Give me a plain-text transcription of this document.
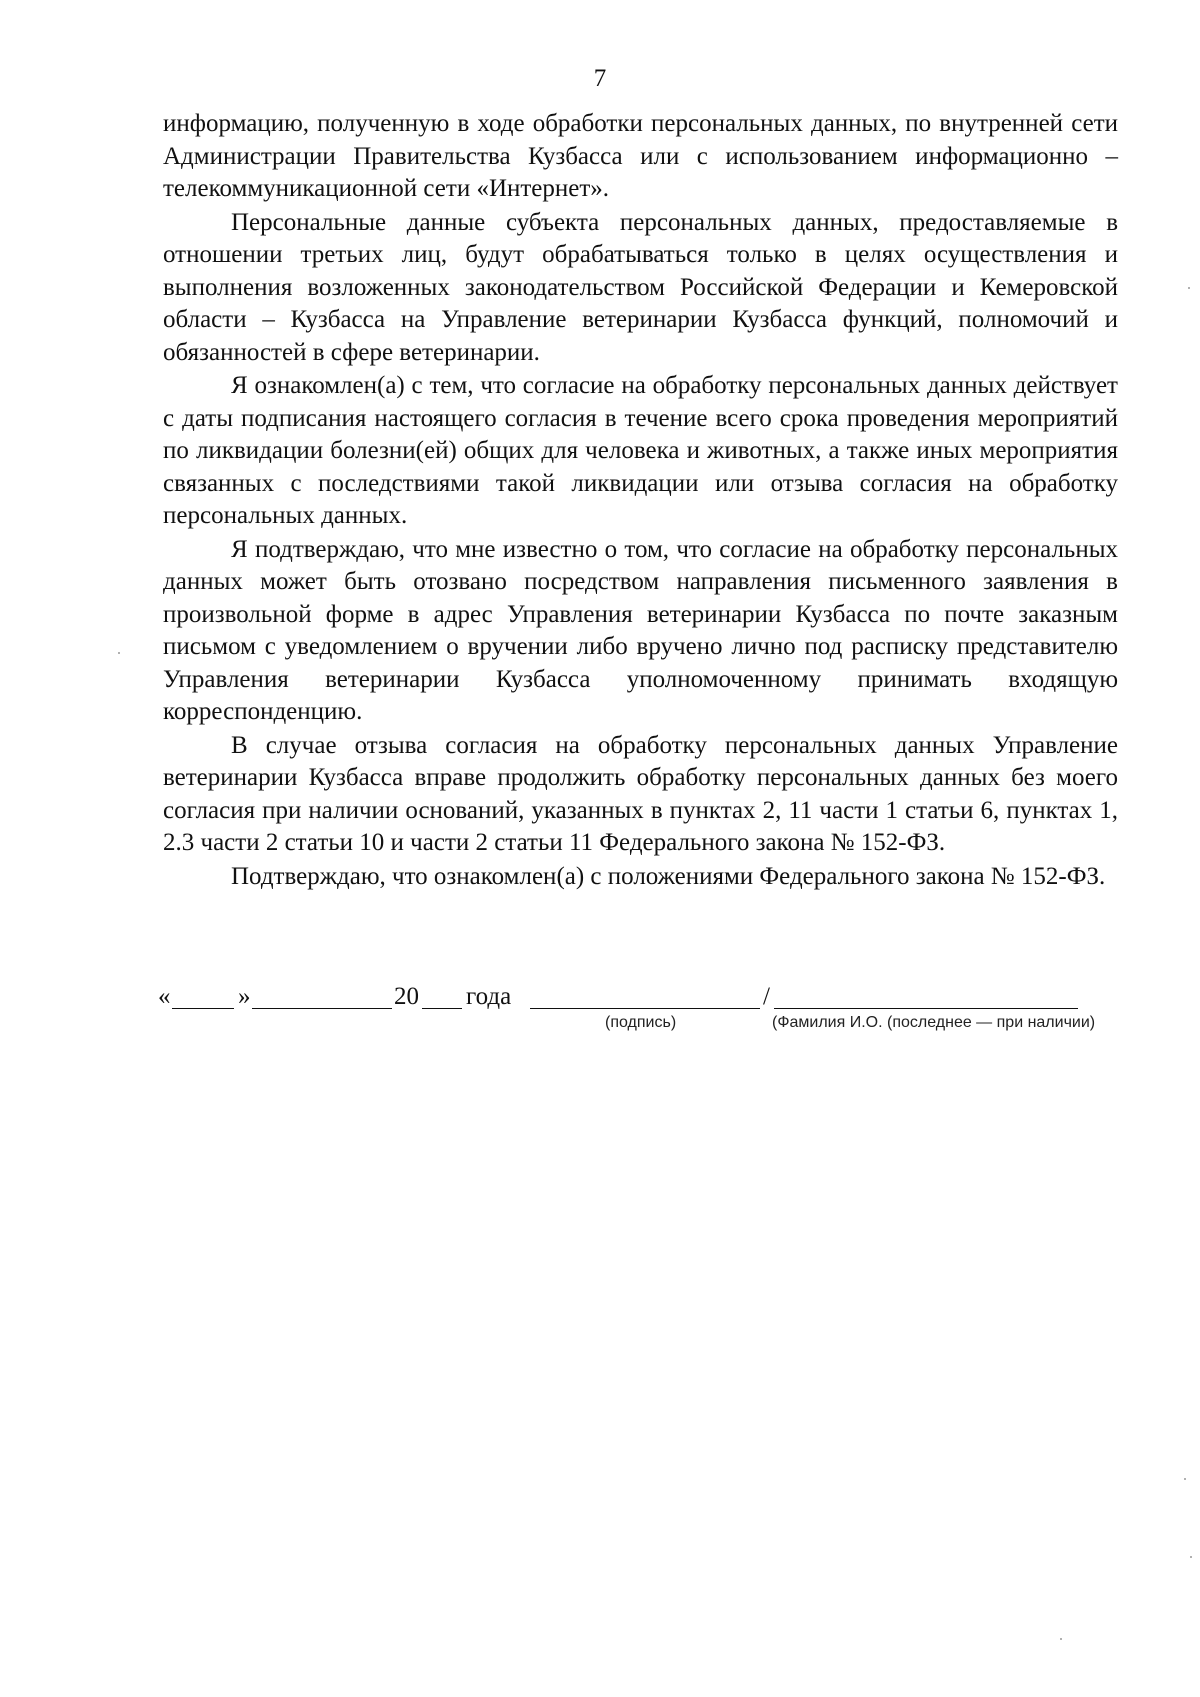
7

информацию, полученную в ходе обработки персональных данных, по внутренней сети Администрации Правительства Кузбасса или с использованием информационно – телекоммуникационной сети «Интернет».

Персональные данные субъекта персональных данных, предоставляемые в отношении третьих лиц, будут обрабатываться только в целях осуществления и выполнения возложенных законодательством Российской Федерации и Кемеровской области – Кузбасса на Управление ветеринарии Кузбасса функций, полномочий и обязанностей в сфере ветеринарии.

Я ознакомлен(а) с тем, что согласие на обработку персональных данных действует с даты подписания настоящего согласия в течение всего срока проведения мероприятий по ликвидации болезни(ей) общих для человека и животных, а также иных мероприятия связанных с последствиями такой ликвидации или отзыва согласия на обработку персональных данных.

Я подтверждаю, что мне известно о том, что согласие на обработку персональных данных может быть отозвано посредством направления письменного заявления в произвольной форме в адрес Управления ветеринарии Кузбасса по почте заказным письмом с уведомлением о вручении либо вручено лично под расписку представителю Управления ветеринарии Кузбасса уполномоченному принимать входящую корреспонденцию.

В случае отзыва согласия на обработку персональных данных Управление ветеринарии Кузбасса вправе продолжить обработку персональных данных без моего согласия при наличии оснований, указанных в пунктах 2, 11 части 1 статьи 6, пунктах 1, 2.3 части 2 статьи 10 и части 2 статьи 11 Федерального закона № 152-ФЗ.

Подтверждаю, что ознакомлен(а) с положениями Федерального закона № 152-ФЗ.

«	»	20 года	/
(подпись)	(Фамилия И.О. (последнее — при наличии)
